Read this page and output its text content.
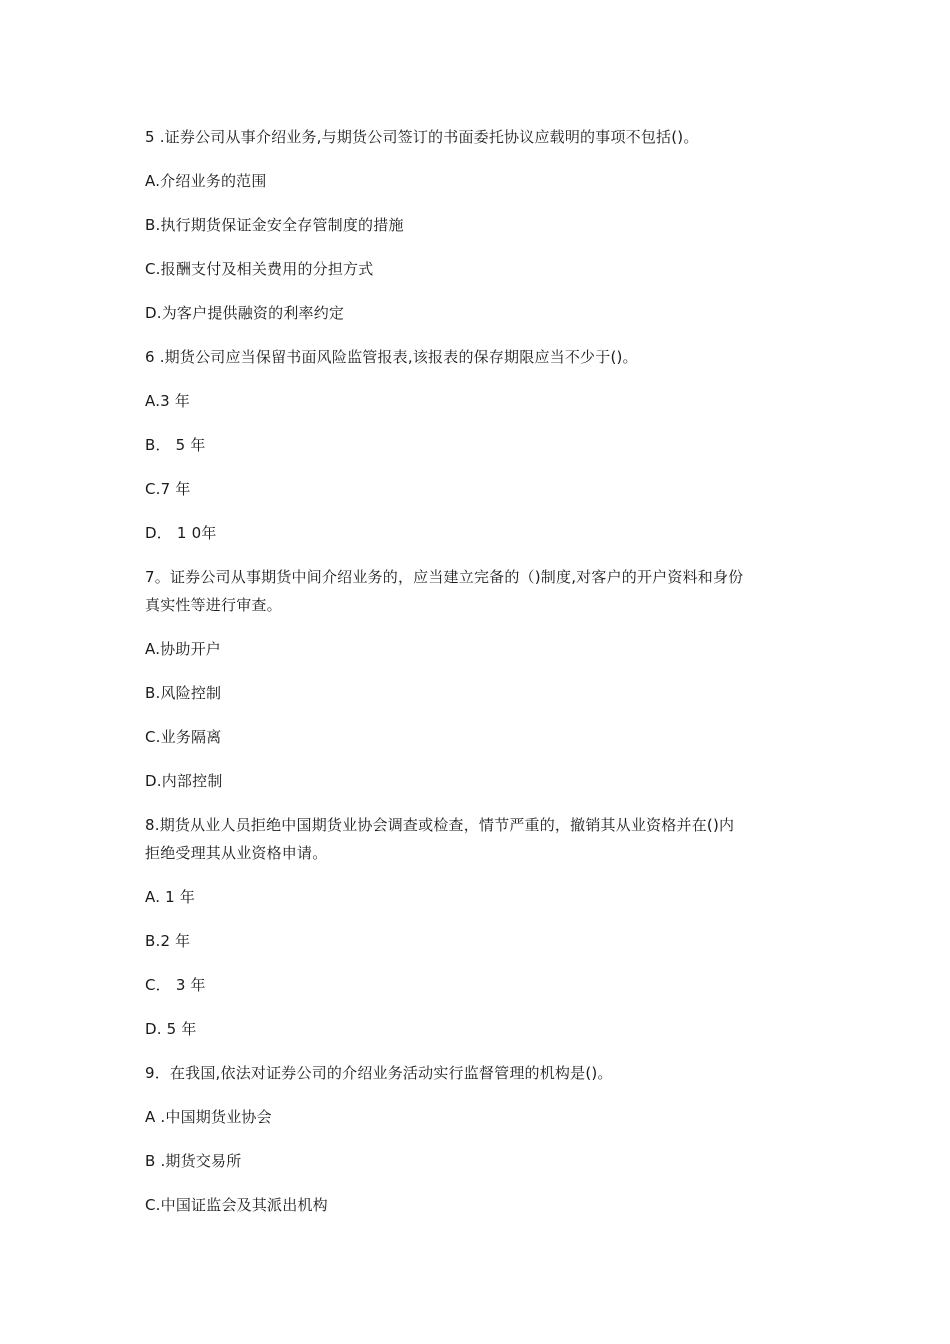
5 .证券公司从事介绍业务,与期货公司签订的书面委托协议应载明的事项不包括()。
A.介绍业务的范围
B.执行期货保证金安全存管制度的措施
C.报酬支付及相关费用的分担方式
D.为客户提供融资的利率约定
6 .期货公司应当保留书面风险监管报表,该报表的保存期限应当不少于()。
A.3 年
B． 5 年
C.7 年
D． 1 0年
7。证券公司从事期货中间介绍业务的，应当建立完备的（)制度,对客户的开户资料和身份
真实性等进行审查。
A.协助开户
B.风险控制
C.业务隔离
D.内部控制
8.期货从业人员拒绝中国期货业协会调查或检查，情节严重的，撤销其从业资格并在()内
拒绝受理其从业资格申请。
A. 1 年
B.2 年
C． 3 年
D. 5 年
9．在我国,依法对证券公司的介绍业务活动实行监督管理的机构是()。
A .中国期货业协会
B .期货交易所
C.中国证监会及其派出机构
